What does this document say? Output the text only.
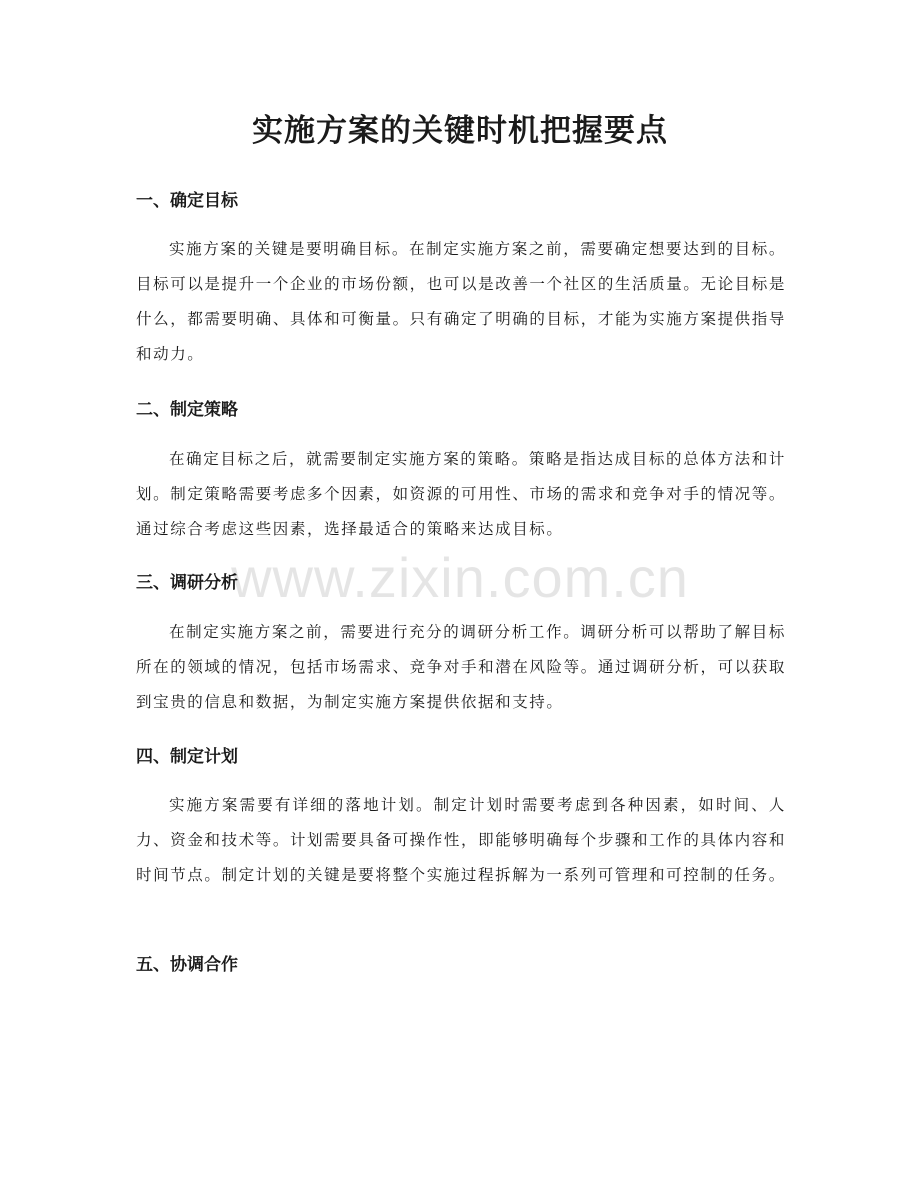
实施方案的关键时机把握要点
一、确定目标

实施方案的关键是要明确目标。在制定实施方案之前，需要确定想要达到的目标。目标可以是提升一个企业的市场份额，也可以是改善一个社区的生活质量。无论目标是什么，都需要明确、具体和可衡量。只有确定了明确的目标，才能为实施方案提供指导和动力。

二、制定策略

在确定目标之后，就需要制定实施方案的策略。策略是指达成目标的总体方法和计划。制定策略需要考虑多个因素，如资源的可用性、市场的需求和竞争对手的情况等。通过综合考虑这些因素，选择最适合的策略来达成目标。

三、调研分析

在制定实施方案之前，需要进行充分的调研分析工作。调研分析可以帮助了解目标所在的领域的情况，包括市场需求、竞争对手和潜在风险等。通过调研分析，可以获取到宝贵的信息和数据，为制定实施方案提供依据和支持。

四、制定计划

实施方案需要有详细的落地计划。制定计划时需要考虑到各种因素，如时间、人力、资金和技术等。计划需要具备可操作性，即能够明确每个步骤和工作的具体内容和时间节点。制定计划的关键是要将整个实施过程拆解为一系列可管理和可控制的任务。

五、协调合作
www.zixin.com.cn
